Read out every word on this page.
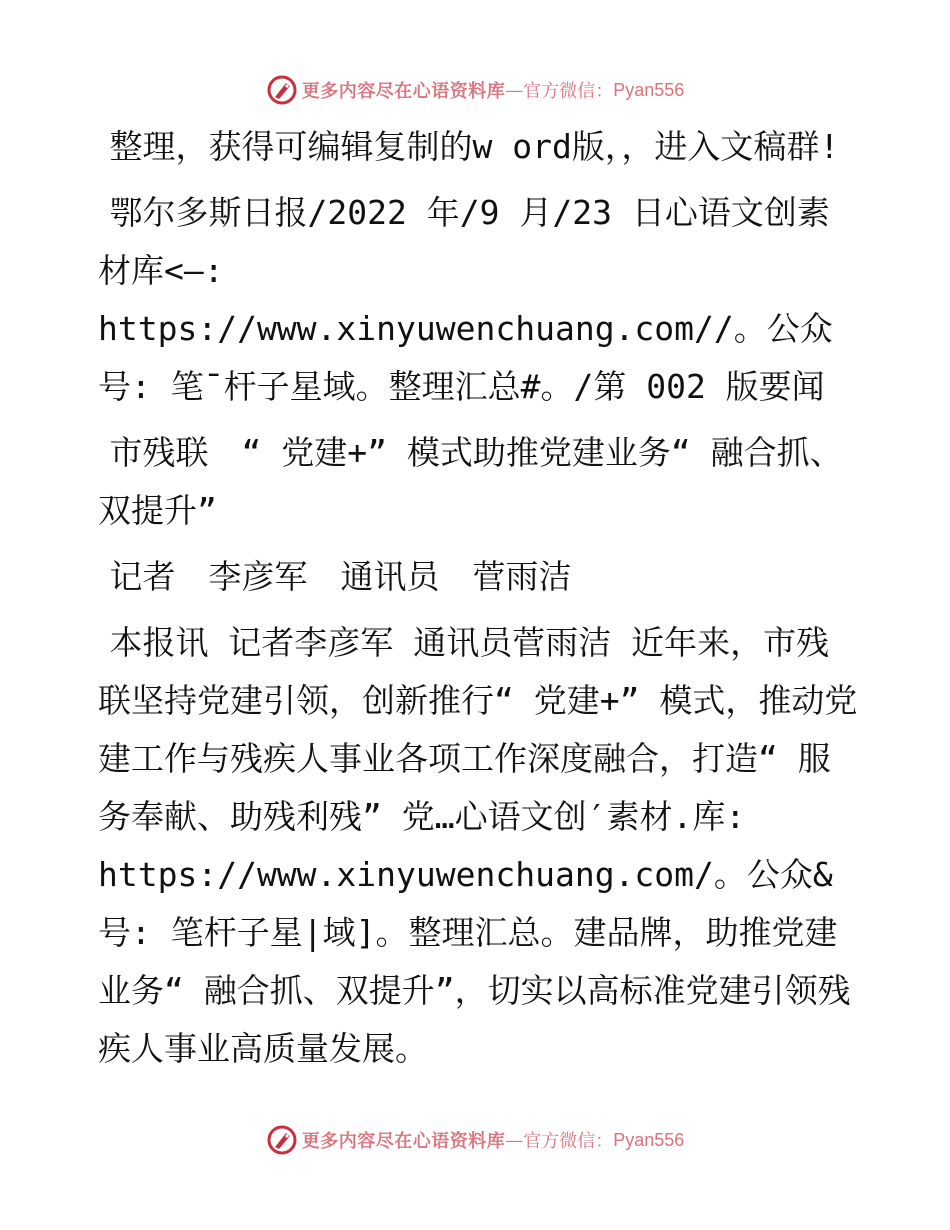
更多内容尽在心语资料库 — 官方微信： Pyan556

整理，获得可编辑复制的w ord版，，进入文稿群!

鄂尔多斯日报/2022 年/9 月/23 日心语文创素材库<—: https://www.xinyuwenchuang.com//。公众号: 笔¯杆子星域。整理汇总#。/第 002 版要闻

市残联　“ 党建+” 模式助推党建业务“ 融合抓、双提升”

记者　李彦军　通讯员　菅雨洁

本报讯 记者李彦军 通讯员菅雨洁 近年来，市残联坚持党建引领，创新推行“ 党建+” 模式，推动党建工作与残疾人事业各项工作深度融合，打造“ 服务奉献、助残利残” 党…心语文创′素材.库: https://www.xinyuwenchuang.com/。公众&号: 笔杆子星|域]。整理汇总。建品牌，助推党建业务“ 融合抓、双提升”，切实以高标准党建引领残疾人事业高质量发展。

更多内容尽在心语资料库 — 官方微信： Pyan556
